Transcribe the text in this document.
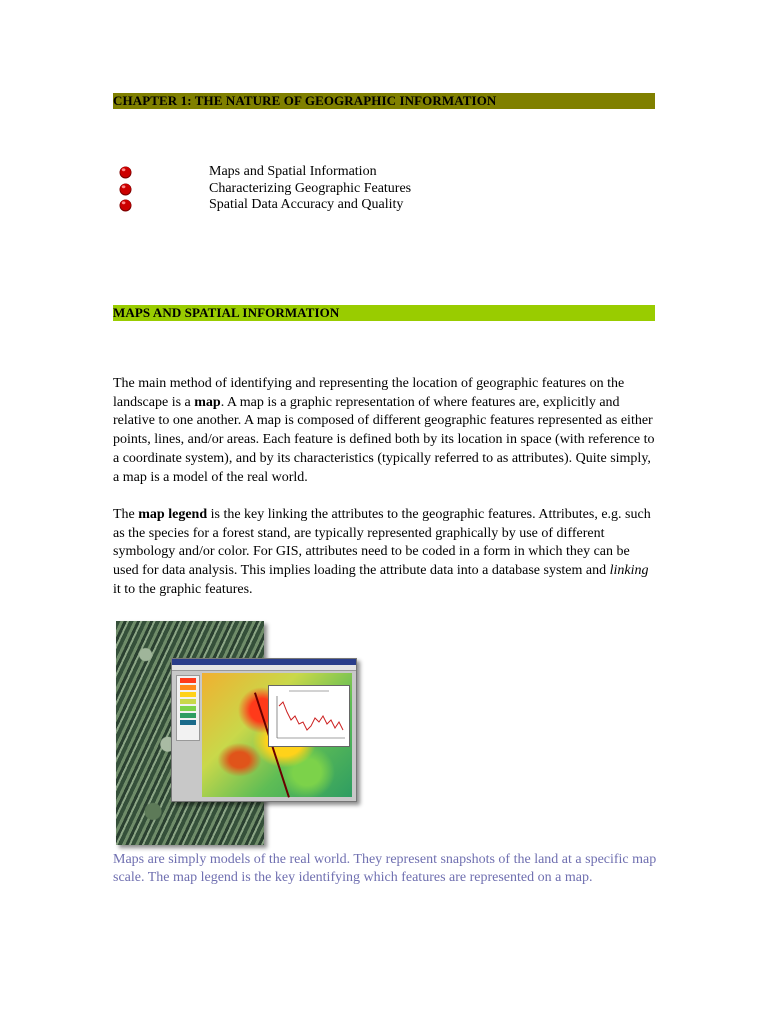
CHAPTER 1: THE NATURE OF GEOGRAPHIC INFORMATION
Maps and Spatial Information
Characterizing Geographic Features
Spatial Data Accuracy and Quality
MAPS AND SPATIAL INFORMATION

The main method of identifying and representing the location of geographic features on the landscape is a map. A map is a graphic representation of where features are, explicitly and relative to one another. A map is composed of different geographic features represented as either points, lines, and/or areas. Each feature is defined both by its location in space (with reference to a coordinate system), and by its characteristics (typically referred to as attributes). Quite simply, a map is a model of the real world.

The map legend is the key linking the attributes to the geographic features. Attributes, e.g. such as the species for a forest stand, are typically represented graphically by use of different symbology and/or color. For GIS, attributes need to be coded in a form in which they can be used for data analysis. This implies loading the attribute data into a database system and linking it to the graphic features.

Maps are simply models of the real world. They represent snapshots of the land at a specific map scale. The map legend is the key identifying which features are represented on a map.
